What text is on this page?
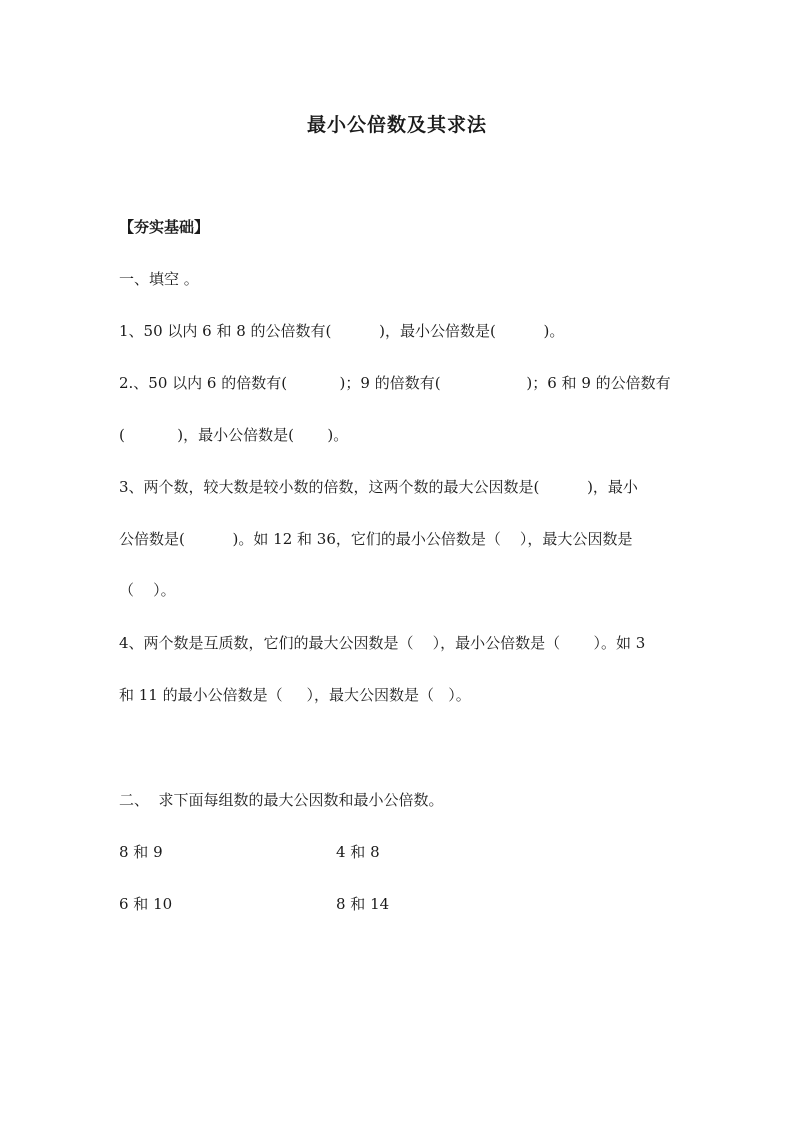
最小公倍数及其求法
【夯实基础】
一、填空 。
1、50 以内 6 和 8 的公倍数有(          )，最小公倍数是(          )。
2.、50 以内 6 的倍数有(           )；9 的倍数有(                  )；6 和 9 的公倍数有
(           )，最小公倍数是(       )。
3、两个数，较大数是较小数的倍数，这两个数的最大公因数是(          )，最小
公倍数是(          )。如 12 和 36，它们的最小公倍数是（    ），最大公因数是
（    ）。
4、两个数是互质数，它们的最大公因数是（    ），最小公倍数是（       ）。如 3
和 11 的最小公倍数是（     ），最大公因数是（   ）。
二、  求下面每组数的最大公因数和最小公倍数。
8 和 9	4 和 8
6 和 10	8 和 14
